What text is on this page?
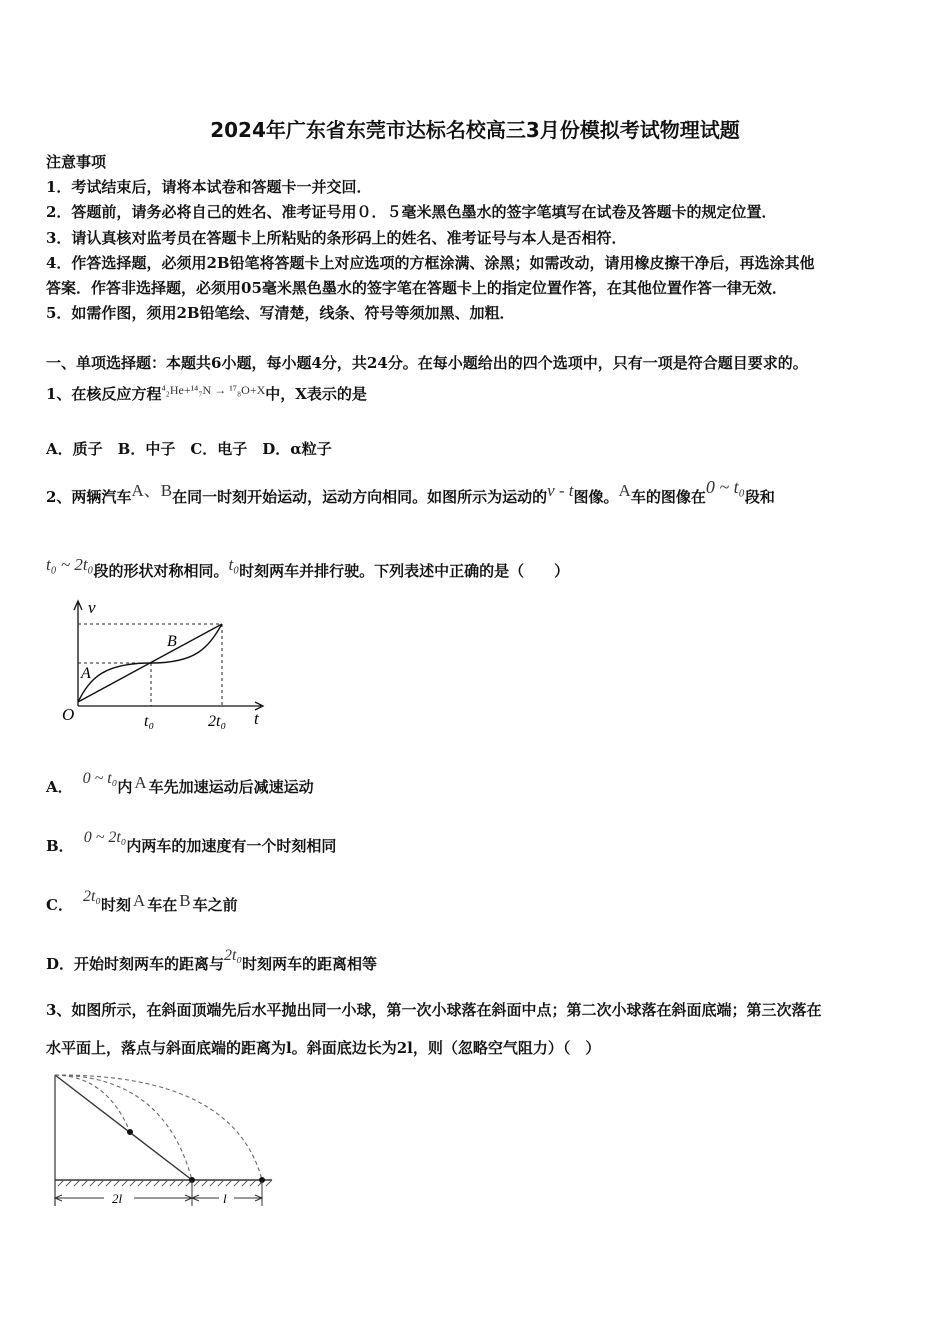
2024年广东省东莞市达标名校高三3月份模拟考试物理试题
注意事项
1．考试结束后，请将本试卷和答题卡一并交回．
2．答题前，请务必将自己的姓名、准考证号用０．５毫米黑色墨水的签字笔填写在试卷及答题卡的规定位置．
3．请认真核对监考员在答题卡上所粘贴的条形码上的姓名、准考证号与本人是否相符．
4．作答选择题，必须用2B铅笔将答题卡上对应选项的方框涂满、涂黑；如需改动，请用橡皮擦干净后，再选涂其他
答案．作答非选择题，必须用05毫米黑色墨水的签字笔在答题卡上的指定位置作答，在其他位置作答一律无效．
5．如需作图，须用2B铅笔绘、写清楚，线条、符号等须加黑、加粗．
一、单项选择题：本题共6小题，每小题4分，共24分。在每小题给出的四个选项中，只有一项是符合题目要求的。
1、在核反应方程$^{^4_2He+^{14}_7N \to ^{17}_8O+X}$中，X表示的是
A．质子　B．中子　C．电子　D．α粒子
2、两辆汽车A、B在同一时刻开始运动，运动方向相同。如图所示为运动的v - t图像。A车的图像在0 ~ t₀段和
t₀ ~ 2t₀段的形状对称相同。t₀时刻两车并排行驶。下列表述中正确的是（　　）
v
t
O	t₀	2t₀
A
B
A． 0 ~ t₀内 A 车先加速运动后减速运动
B． 0 ~ 2t₀内两车的加速度有一个时刻相同
C． 2t₀时刻 A 车在 B 车之前
D．开始时刻两车的距离与2t₀时刻两车的距离相等
3、如图所示，在斜面顶端先后水平抛出同一小球，第一次小球落在斜面中点；第二次小球落在斜面底端；第三次落在
水平面上，落点与斜面底端的距离为l。斜面底边长为2l，则（忽略空气阻力）（　）
2l	l
